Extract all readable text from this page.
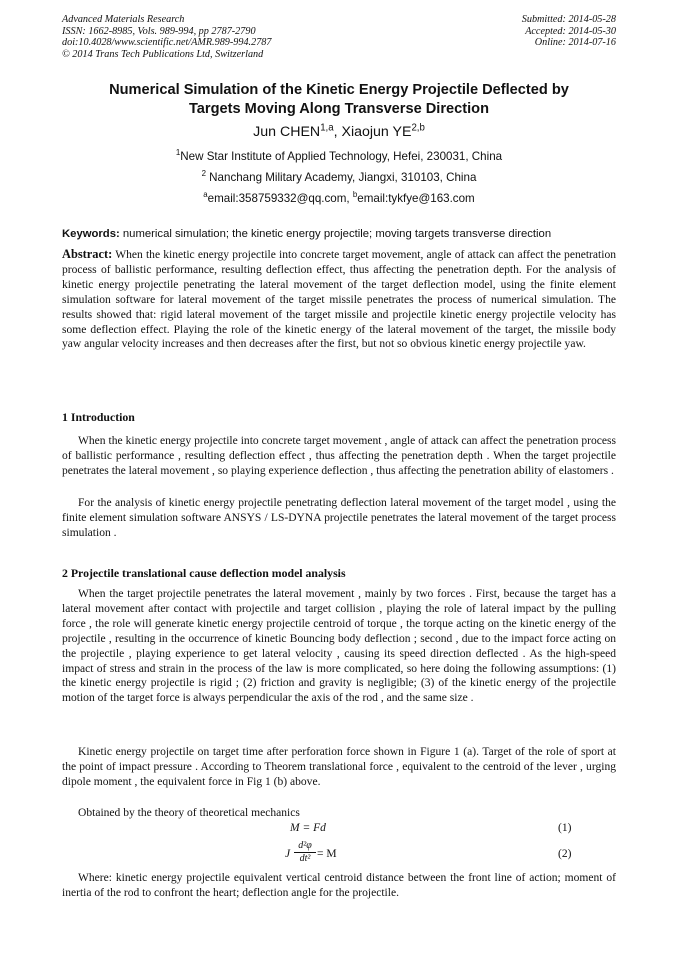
Advanced Materials Research
ISSN: 1662-8985, Vols. 989-994, pp 2787-2790
doi:10.4028/www.scientific.net/AMR.989-994.2787
© 2014 Trans Tech Publications Ltd, Switzerland
Submitted: 2014-05-28
Accepted: 2014-05-30
Online: 2014-07-16
Numerical Simulation of the Kinetic Energy Projectile Deflected by
Targets Moving Along Transverse Direction
Jun CHEN$^{1,a}$, Xiaojun YE$^{2,b}$
$^1$New Star Institute of Applied Technology, Hefei, 230031, China
$^2$ Nanchang Military Academy, Jiangxi, 310103, China
$^a$email:358759332@qq.com, $^b$email:tykfye@163.com
Keywords: numerical simulation; the kinetic energy projectile; moving targets transverse direction
Abstract: When the kinetic energy projectile into concrete target movement, angle of attack can affect the penetration process of ballistic performance, resulting deflection effect, thus affecting the penetration depth. For the analysis of kinetic energy projectile penetrating the lateral movement of the target deflection model, using the finite element simulation software for lateral movement of the target missile penetrates the process of numerical simulation. The results showed that: rigid lateral movement of the target missile and projectile kinetic energy projectile velocity has some deflection effect. Playing the role of the kinetic energy of the lateral movement of the target, the missile body yaw angular velocity increases and then decreases after the first, but not so obvious kinetic energy projectile yaw.
1 Introduction
When the kinetic energy projectile into concrete target movement , angle of attack can affect the penetration process of ballistic performance , resulting deflection effect , thus affecting the penetration depth . When the target projectile penetrates the lateral movement , so playing experience deflection , thus affecting the penetration ability of elastomers .
For the analysis of kinetic energy projectile penetrating deflection lateral movement of the target model , using the finite element simulation software ANSYS / LS-DYNA projectile penetrates the lateral movement of the target process simulation .
2 Projectile translational cause deflection model analysis
When the target projectile penetrates the lateral movement , mainly by two forces . First, because the target has a lateral movement after contact with projectile and target collision , playing the role of lateral impact by the pulling force , the role will generate kinetic energy projectile centroid of torque , the torque acting on the kinetic energy of the projectile , resulting in the occurrence of kinetic Bouncing body deflection ; second , due to the impact force acting on the projectile , playing experience to get lateral velocity , causing its speed direction deflected . As the high-speed impact of stress and strain in the process of the law is more complicated, so here doing the following assumptions: (1) the kinetic energy projectile is rigid ; (2) friction and gravity is negligible; (3) of the kinetic energy of the projectile motion of the target force is always perpendicular the axis of the rod , and the same size .
Kinetic energy projectile on target time after perforation force shown in Figure 1 (a). Target of the role of sport at the point of impact pressure . According to Theorem translational force , equivalent to the centroid of the lever , urging dipole moment , the equivalent force in Fig 1 (b) above.
Obtained by the theory of theoretical mechanics
M = Fd	(1)
J $\frac{\text{d²φ}}{\text{dt²}} = M$	(2)
Where: kinetic energy projectile equivalent vertical centroid distance between the front line of action; moment of inertia of the rod to confront the heart; deflection angle for the projectile.
